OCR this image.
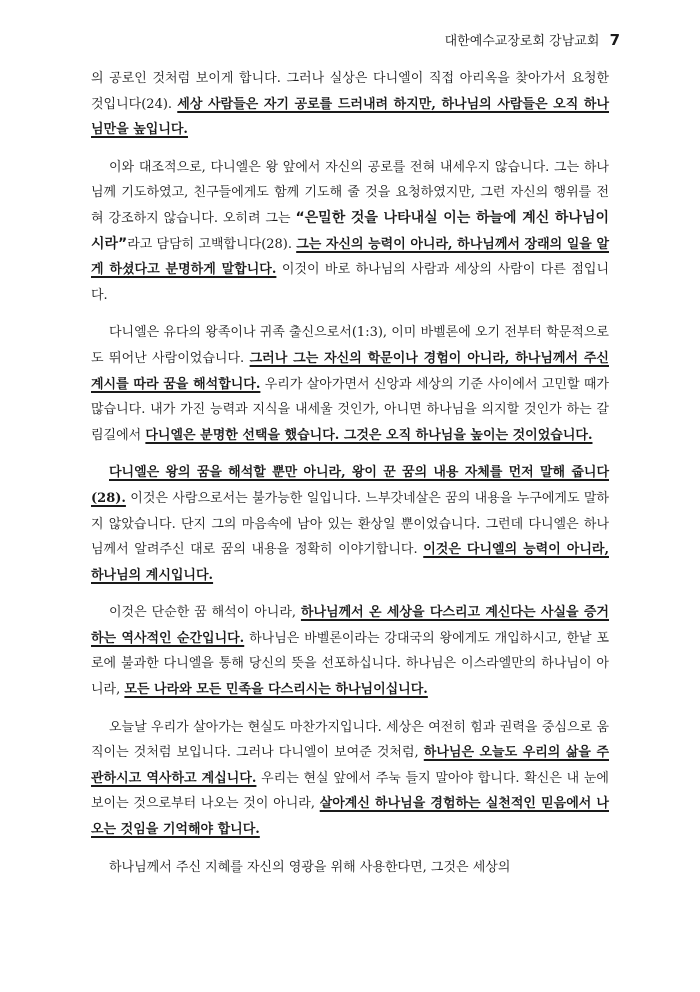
대한예수교장로회 강남교회 7

의 공로인 것처럼 보이게 합니다. 그러나 실상은 다니엘이 직접 아리옥을 찾아가서 요청한 것입니다(24). 세상 사람들은 자기 공로를 드러내려 하지만, 하나님의 사람들은 오직 하나님만을 높입니다.

이와 대조적으로, 다니엘은 왕 앞에서 자신의 공로를 전혀 내세우지 않습니다. 그는 하나님께 기도하였고, 친구들에게도 함께 기도해 줄 것을 요청하였지만, 그런 자신의 행위를 전혀 강조하지 않습니다. 오히려 그는 “은밀한 것을 나타내실 이는 하늘에 계신 하나님이시라”라고 담담히 고백합니다(28). 그는 자신의 능력이 아니라, 하나님께서 장래의 일을 알게 하셨다고 분명하게 말합니다. 이것이 바로 하나님의 사람과 세상의 사람이 다른 점입니다.

다니엘은 유다의 왕족이나 귀족 출신으로서(1:3), 이미 바벨론에 오기 전부터 학문적으로도 뛰어난 사람이었습니다. 그러나 그는 자신의 학문이나 경험이 아니라, 하나님께서 주신 계시를 따라 꿈을 해석합니다. 우리가 살아가면서 신앙과 세상의 기준 사이에서 고민할 때가 많습니다. 내가 가진 능력과 지식을 내세울 것인가, 아니면 하나님을 의지할 것인가 하는 갈림길에서 다니엘은 분명한 선택을 했습니다. 그것은 오직 하나님을 높이는 것이었습니다.

다니엘은 왕의 꿈을 해석할 뿐만 아니라, 왕이 꾼 꿈의 내용 자체를 먼저 말해 줍니다(28). 이것은 사람으로서는 불가능한 일입니다. 느부갓네살은 꿈의 내용을 누구에게도 말하지 않았습니다. 단지 그의 마음속에 남아 있는 환상일 뿐이었습니다. 그런데 다니엘은 하나님께서 알려주신 대로 꿈의 내용을 정확히 이야기합니다. 이것은 다니엘의 능력이 아니라, 하나님의 계시입니다.

이것은 단순한 꿈 해석이 아니라, 하나님께서 온 세상을 다스리고 계신다는 사실을 증거하는 역사적인 순간입니다. 하나님은 바벨론이라는 강대국의 왕에게도 개입하시고, 한낱 포로에 불과한 다니엘을 통해 당신의 뜻을 선포하십니다. 하나님은 이스라엘만의 하나님이 아니라, 모든 나라와 모든 민족을 다스리시는 하나님이십니다.

오늘날 우리가 살아가는 현실도 마찬가지입니다. 세상은 여전히 힘과 권력을 중심으로 움직이는 것처럼 보입니다. 그러나 다니엘이 보여준 것처럼, 하나님은 오늘도 우리의 삶을 주관하시고 역사하고 계십니다. 우리는 현실 앞에서 주눅 들지 말아야 합니다. 확신은 내 눈에 보이는 것으로부터 나오는 것이 아니라, 살아계신 하나님을 경험하는 실천적인 믿음에서 나오는 것임을 기억해야 합니다.

하나님께서 주신 지혜를 자신의 영광을 위해 사용한다면, 그것은 세상의
